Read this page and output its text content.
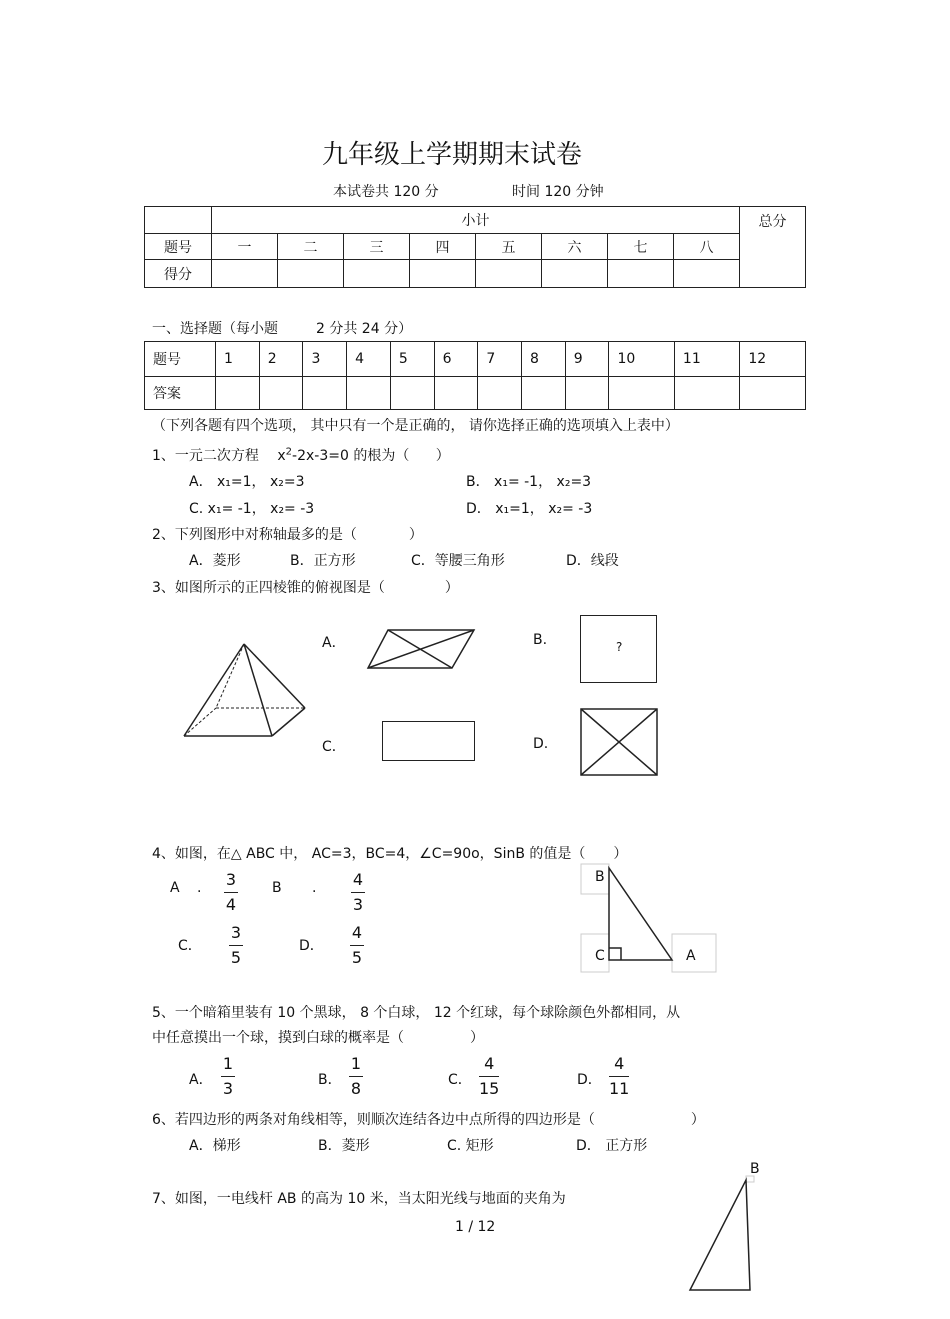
九年级上学期期末试卷
本试卷共 120 分	时间 120 分钟
	小计								总分
题号	一	二	三	四	五	六	七	八	
得分									
一、选择题（每小题	2 分共 24 分）
题号	1	2	3	4	5	6	7	8	9	10	11	12
答案												
（下列各题有四个选项， 其中只有一个是正确的， 请你选择正确的选项填入上表中）
1、一元二次方程 $x^2-2x-3=0$ 的根为（ ）
A． x₁=1， x₂=3	B． x₁= -1， x₂=3
C. x₁= -1， x₂= -3	D． x₁=1， x₂= -3
2、下列图形中对称轴最多的是（	）
A．菱形	B．正方形	C．等腰三角形	D．线段
3、如图所示的正四棱锥的俯视图是（	）
A．	B.	?
C．	D.
4、如图，在△ ABC 中， AC=3，BC=4，∠C=90o，SinB 的值是（ ）
A . 3
4
B . 4
3
C．
3
5
D．
4
5
B
C	A
5、一个暗箱里装有 10 个黑球， 8 个白球， 12 个红球，每个球除颜色外都相同，从
中任意摸出一个球，摸到白球的概率是（	）
A．
1
3	B．
1
8	C．
4
15	D．
4
11
6、若四边形的两条对角线相等，则顺次连结各边中点所得的四边形是（	）
A．梯形	B．菱形	C. 矩形	D． 正方形
7、如图，一电线杆 AB 的高为 10 米，当太阳光线与地面的夹角为
B
1 / 12
